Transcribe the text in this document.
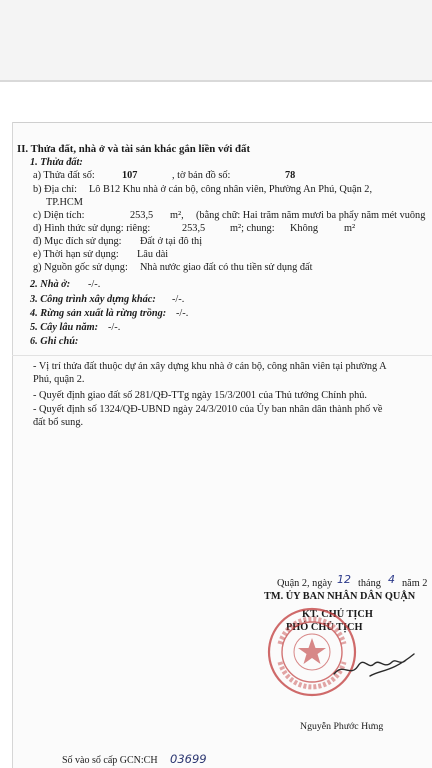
II. Thửa đất, nhà ở và tài sản khác gắn liền với đất
1. Thửa đất:
a) Thửa đất số:	107	, tờ bản đồ số:	78
b) Địa chỉ: Lô B12 Khu nhà ở cán bộ, công nhân viên, Phường An Phú, Quận 2,
TP.HCM
c) Diện tích:	253,5 m², (bằng chữ: Hai trăm năm mươi ba phẩy năm mét vuông
d) Hình thức sử dụng: riêng:	253,5 m²; chung: Không	m²
đ) Mục đích sử dụng: Đất ở tại đô thị
e) Thời hạn sử dụng: Lâu dài
g) Nguồn gốc sử dụng: Nhà nước giao đất có thu tiền sử dụng đất
2. Nhà ở: -/-.
3. Công trình xây dựng khác: -/-.
4. Rừng sản xuất là rừng trồng: -/-.
5. Cây lâu năm: -/-.
6. Ghi chú:
- Vị trí thửa đất thuộc dự án xây dựng khu nhà ở cán bộ, công nhân viên tại phường A
Phú, quận 2.
- Quyết định giao đất số 281/QĐ-TTg ngày 15/3/2001 của Thủ tướng Chính phủ.
- Quyết định số 1324/QĐ-UBND ngày 24/3/2010 của Ủy ban nhân dân thành phố về
đất bổ sung.
Quận 2, ngày 12 tháng 4 năm 2
TM. ỦY BAN NHÂN DÂN QUẬN
KT. CHỦ TỊCH
PHÓ CHỦ TỊCH
Nguyễn Phước Hưng
Số vào sổ cấp GCN:CH 03699
